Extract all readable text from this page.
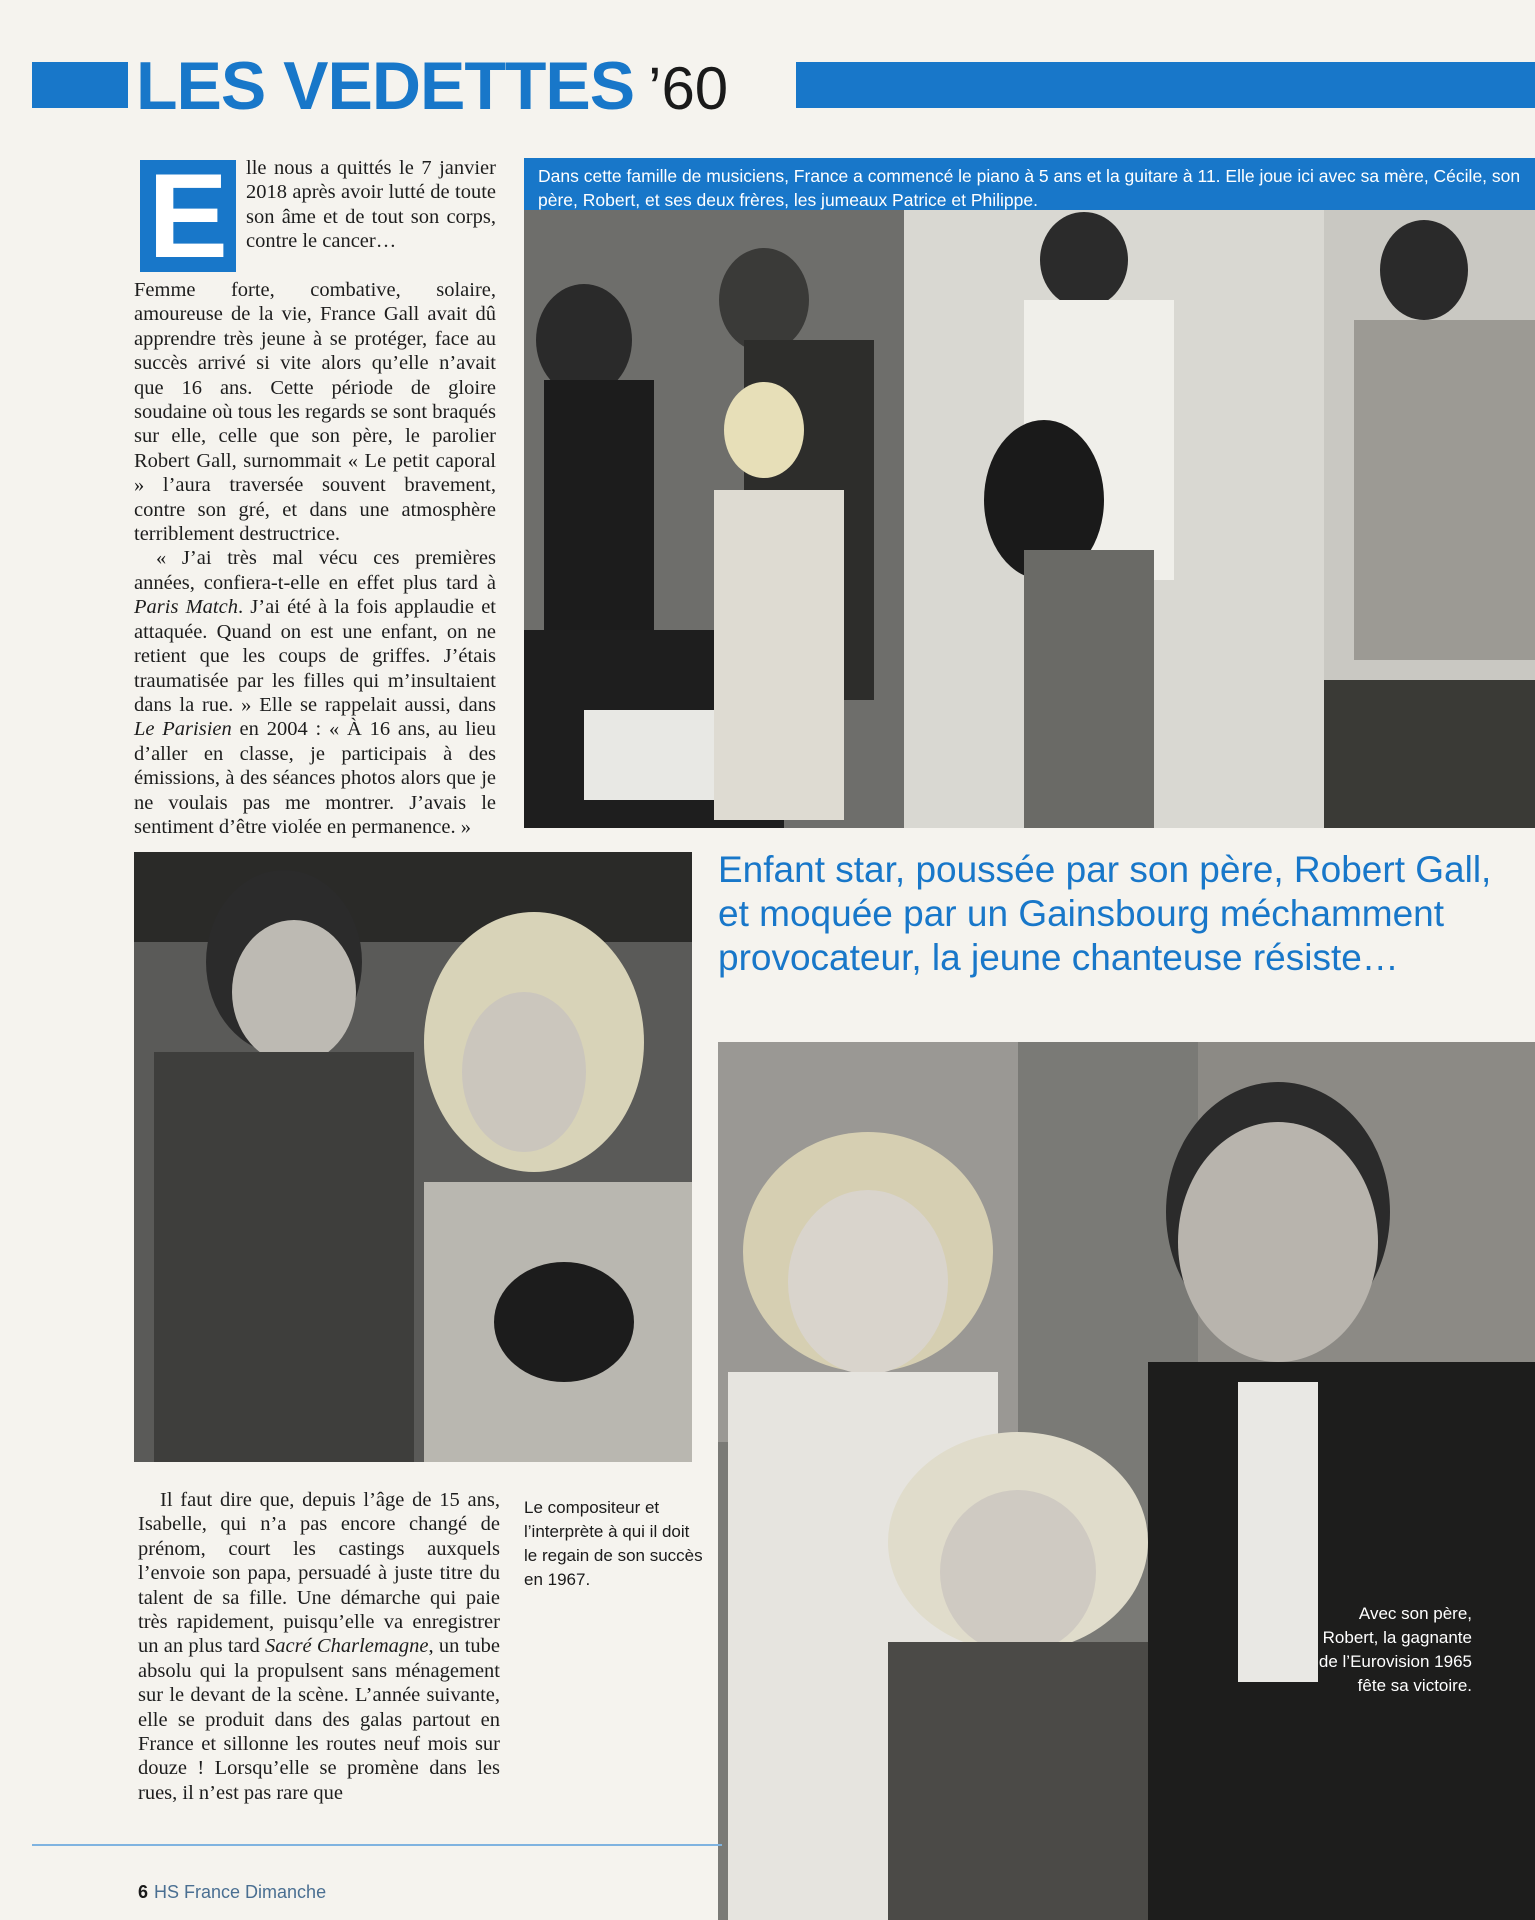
LES VEDETTES ’60
E lle nous a quittés le 7 janvier 2018 après avoir lutté de toute son âme et de tout son corps, contre le cancer…

Femme forte, combative, solaire, amoureuse de la vie, France Gall avait dû apprendre très jeune à se protéger, face au succès arrivé si vite alors qu’elle n’avait que 16 ans. Cette période de gloire soudaine où tous les regards se sont braqués sur elle, celle que son père, le parolier Robert Gall, surnommait « Le petit caporal » l’aura traversée souvent bravement, contre son gré, et dans une atmosphère terriblement destructrice.

« J’ai très mal vécu ces premières années, confiera-t-elle en effet plus tard à Paris Match. J’ai été à la fois applaudie et attaquée. Quand on est une enfant, on ne retient que les coups de griffes. J’étais traumatisée par les filles qui m’insultaient dans la rue. » Elle se rappelait aussi, dans Le Parisien en 2004 : « À 16 ans, au lieu d’aller en classe, je participais à des émissions, à des séances photos alors que je ne voulais pas me montrer. J’avais le sentiment d’être violée en permanence. »

Dans cette famille de musiciens, France a commencé le piano à 5 ans et la guitare à 11. Elle joue ici avec sa mère, Cécile, son père, Robert, et ses deux frères, les jumeaux Patrice et Philippe.
Enfant star, poussée par son père, Robert Gall, et moquée par un Gainsbourg méchamment provocateur, la jeune chanteuse résiste…
Le compositeur et l’interprète à qui il doit le regain de son succès en 1967.
Avec son père, Robert, la gagnante de l’Eurovision 1965 fête sa victoire.

Il faut dire que, depuis l’âge de 15 ans, Isabelle, qui n’a pas encore changé de prénom, court les castings auxquels l’envoie son papa, persuadé à juste titre du talent de sa fille. Une démarche qui paie très rapidement, puisqu’elle va enregistrer un an plus tard Sacré Charlemagne, un tube absolu qui la propulsent sans ménagement sur le devant de la scène. L’année suivante, elle se produit dans des galas partout en France et sillonne les routes neuf mois sur douze ! Lorsqu’elle se promène dans les rues, il n’est pas rare que

6 HS France Dimanche
